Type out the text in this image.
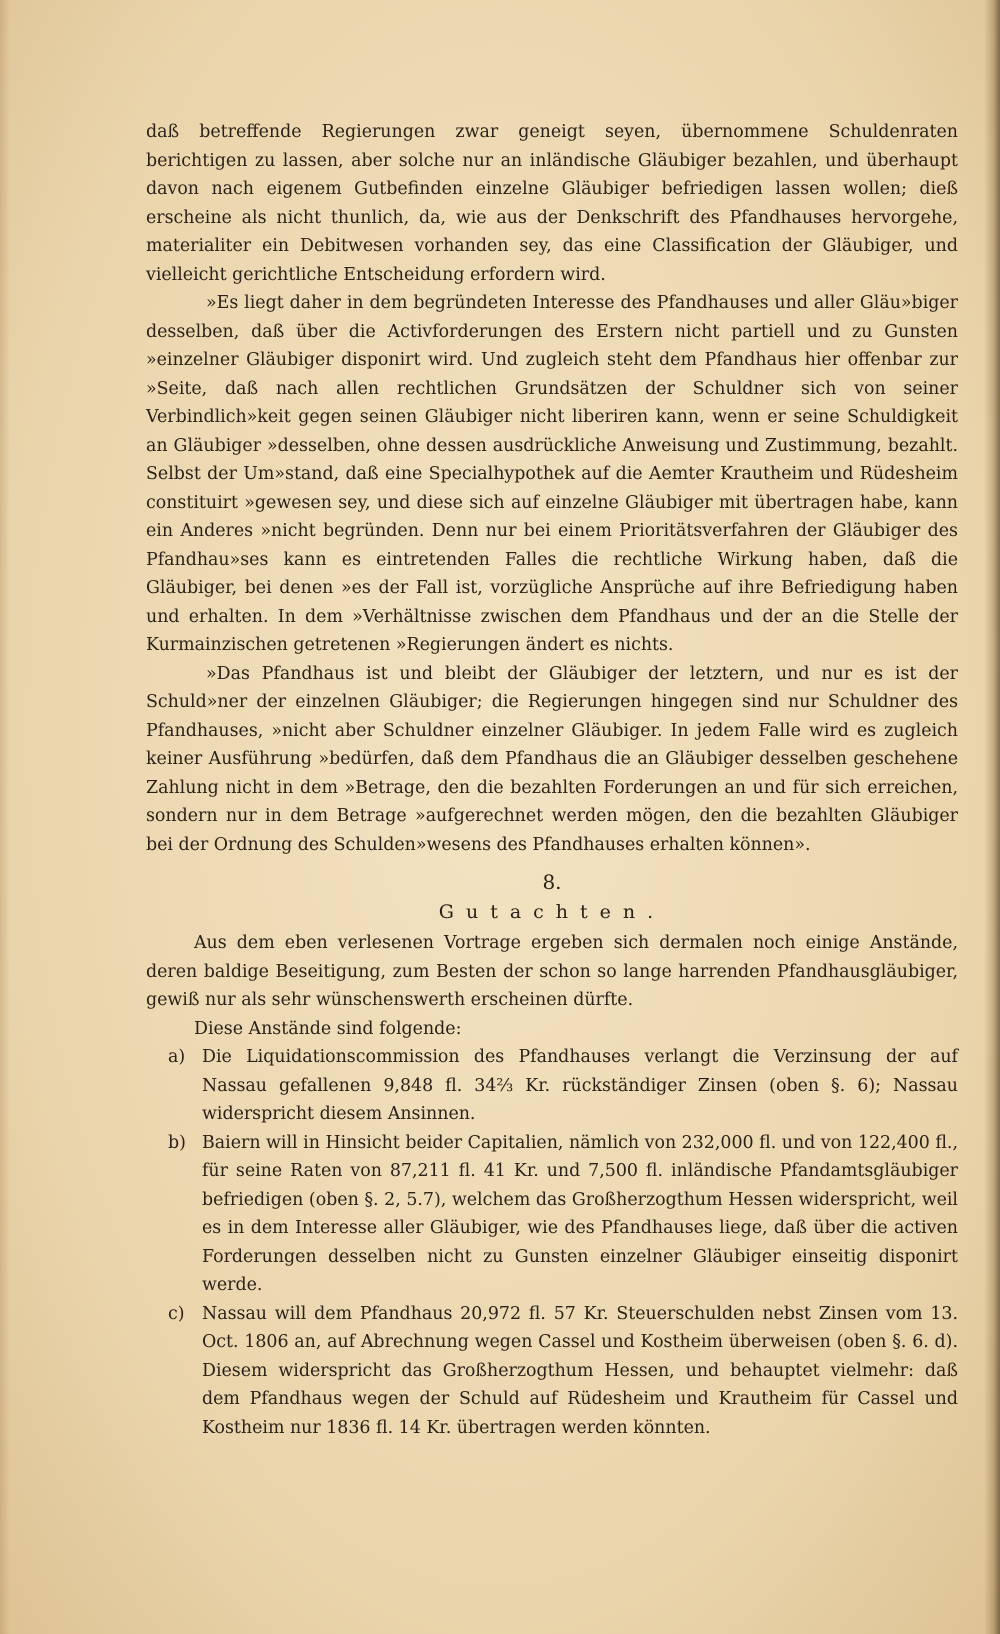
daß betreffende Regierungen zwar geneigt seyen, übernommene Schuldenraten berichtigen zu lassen, aber solche nur an inländische Gläubiger bezahlen, und überhaupt davon nach eigenem Gutbefinden einzelne Gläubiger befriedigen lassen wollen; dieß erscheine als nicht thunlich, da, wie aus der Denkschrift des Pfandhauses hervorgehe, materialiter ein Debitwesen vorhanden sey, das eine Classification der Gläubiger, und vielleicht gerichtliche Entscheidung erfordern wird.

»Es liegt daher in dem begründeten Interesse des Pfandhauses und aller Gläu»biger desselben, daß über die Activforderungen des Erstern nicht partiell und zu Gunsten »einzelner Gläubiger disponirt wird. Und zugleich steht dem Pfandhaus hier offenbar zur »Seite, daß nach allen rechtlichen Grundsätzen der Schuldner sich von seiner Verbindlich»keit gegen seinen Gläubiger nicht liberiren kann, wenn er seine Schuldigkeit an Gläubiger »desselben, ohne dessen ausdrückliche Anweisung und Zustimmung, bezahlt. Selbst der Um»stand, daß eine Specialhypothek auf die Aemter Krautheim und Rüdesheim constituirt »gewesen sey, und diese sich auf einzelne Gläubiger mit übertragen habe, kann ein Anderes »nicht begründen. Denn nur bei einem Prioritätsverfahren der Gläubiger des Pfandhau»ses kann es eintretenden Falles die rechtliche Wirkung haben, daß die Gläubiger, bei denen »es der Fall ist, vorzügliche Ansprüche auf ihre Befriedigung haben und erhalten. In dem »Verhältnisse zwischen dem Pfandhaus und der an die Stelle der Kurmainzischen getretenen »Regierungen ändert es nichts.

»Das Pfandhaus ist und bleibt der Gläubiger der letztern, und nur es ist der Schuld»ner der einzelnen Gläubiger; die Regierungen hingegen sind nur Schuldner des Pfandhauses, »nicht aber Schuldner einzelner Gläubiger. In jedem Falle wird es zugleich keiner Ausführung »bedürfen, daß dem Pfandhaus die an Gläubiger desselben geschehene Zahlung nicht in dem »Betrage, den die bezahlten Forderungen an und für sich erreichen, sondern nur in dem Betrage »aufgerechnet werden mögen, den die bezahlten Gläubiger bei der Ordnung des Schulden»wesens des Pfandhauses erhalten können».

8.
Gutachten.

Aus dem eben verlesenen Vortrage ergeben sich dermalen noch einige Anstände, deren baldige Beseitigung, zum Besten der schon so lange harrenden Pfandhausgläubiger, gewiß nur als sehr wünschenswerth erscheinen dürfte.

Diese Anstände sind folgende:

a) Die Liquidationscommission des Pfandhauses verlangt die Verzinsung der auf Nassau gefallenen 9,848 fl. 34⅔ Kr. rückständiger Zinsen (oben §. 6); Nassau widerspricht diesem Ansinnen.
b) Baiern will in Hinsicht beider Capitalien, nämlich von 232,000 fl. und von 122,400 fl., für seine Raten von 87,211 fl. 41 Kr. und 7,500 fl. inländische Pfandamtsgläubiger befriedigen (oben §. 2, 5.7), welchem das Großherzogthum Hessen widerspricht, weil es in dem Interesse aller Gläubiger, wie des Pfandhauses liege, daß über die activen Forderungen desselben nicht zu Gunsten einzelner Gläubiger einseitig disponirt werde.
c) Nassau will dem Pfandhaus 20,972 fl. 57 Kr. Steuerschulden nebst Zinsen vom 13. Oct. 1806 an, auf Abrechnung wegen Cassel und Kostheim überweisen (oben §. 6. d). Diesem widerspricht das Großherzogthum Hessen, und behauptet vielmehr: daß dem Pfandhaus wegen der Schuld auf Rüdesheim und Krautheim für Cassel und Kostheim nur 1836 fl. 14 Kr. übertragen werden könnten.
